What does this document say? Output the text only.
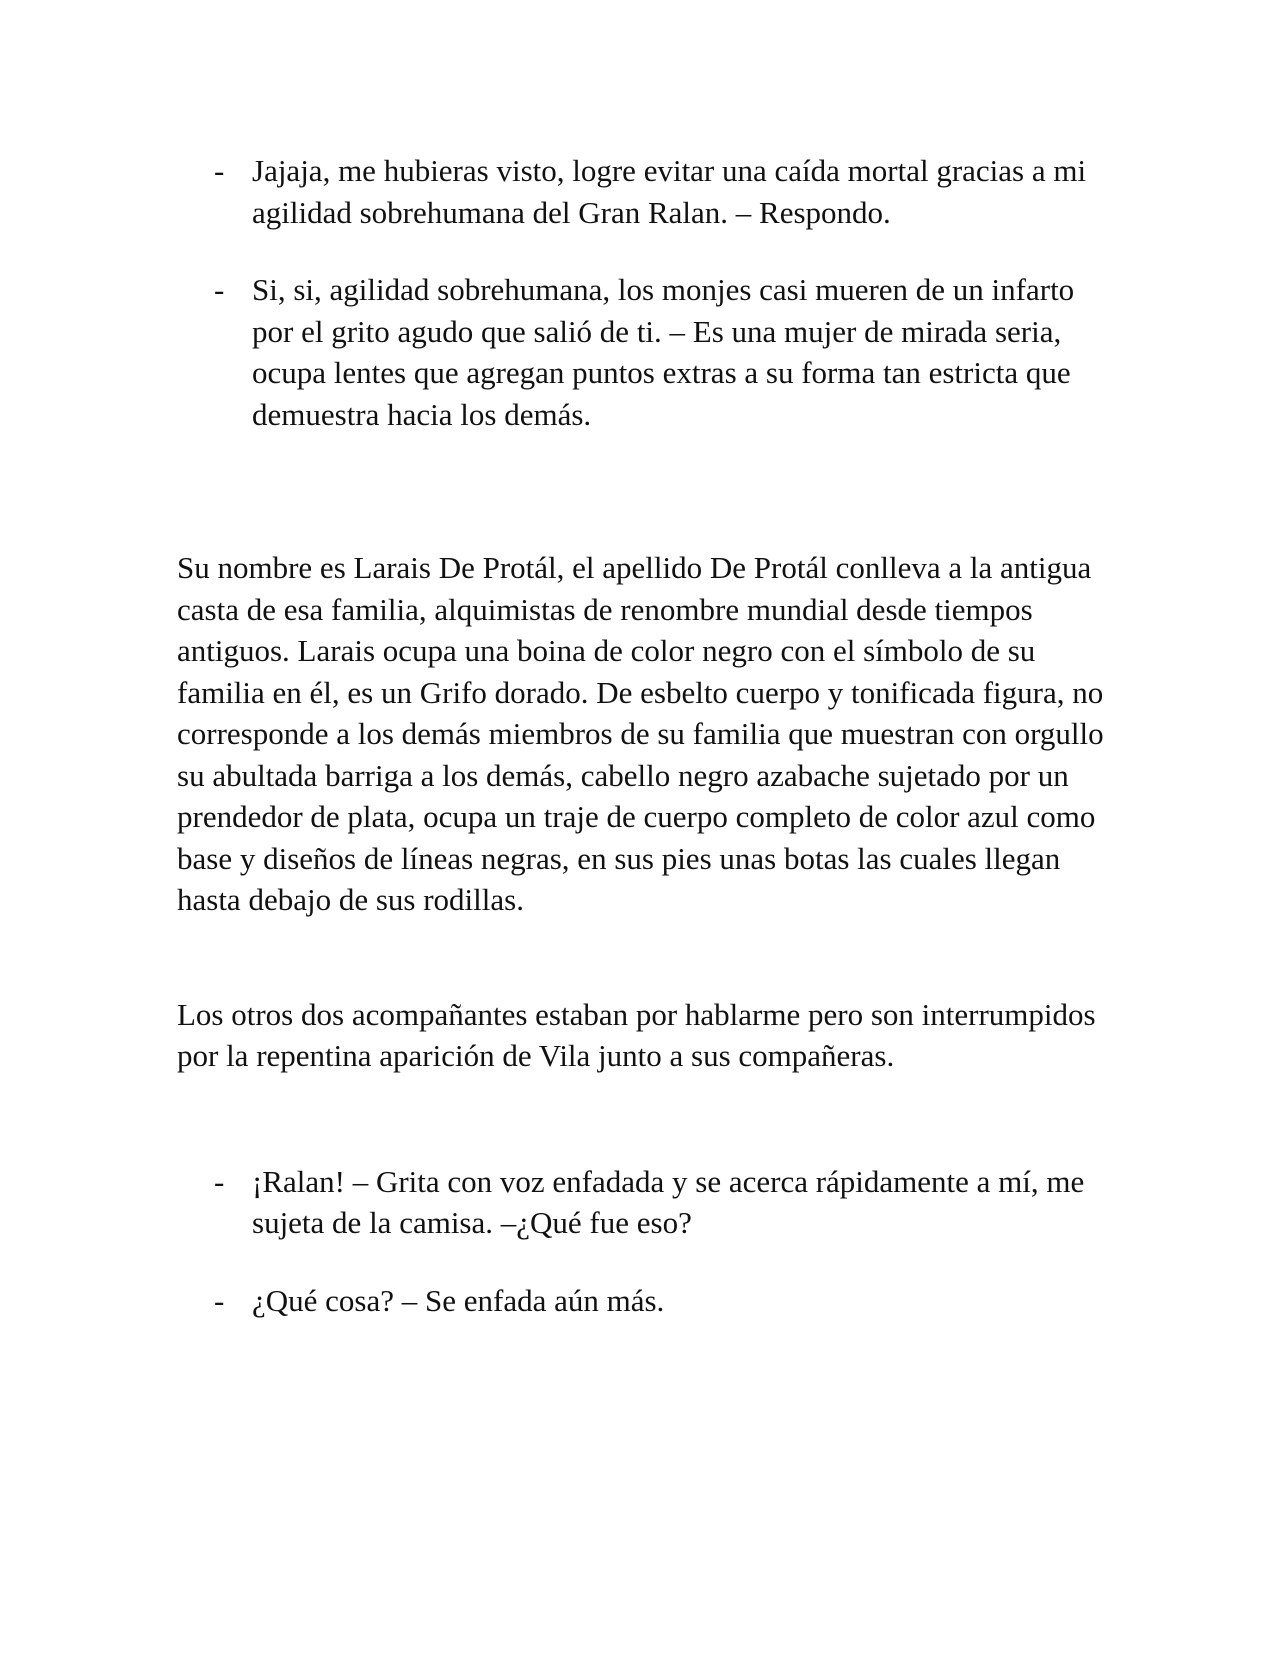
- Jajaja, me hubieras visto, logre evitar una caída mortal gracias a mi agilidad sobrehumana del Gran Ralan. – Respondo.
- Si, si, agilidad sobrehumana, los monjes casi mueren de un infarto por el grito agudo que salió de ti. – Es una mujer de mirada seria, ocupa lentes que agregan puntos extras a su forma tan estricta que demuestra hacia los demás.

Su nombre es Larais De Protál, el apellido De Protál conlleva a la antigua casta de esa familia, alquimistas de renombre mundial desde tiempos antiguos. Larais ocupa una boina de color negro con el símbolo de su familia en él, es un Grifo dorado. De esbelto cuerpo y tonificada figura, no corresponde a los demás miembros de su familia que muestran con orgullo su abultada barriga a los demás, cabello negro azabache sujetado por un prendedor de plata, ocupa un traje de cuerpo completo de color azul como base y diseños de líneas negras, en sus pies unas botas las cuales llegan hasta debajo de sus rodillas.

Los otros dos acompañantes estaban por hablarme pero son interrumpidos por la repentina aparición de Vila junto a sus compañeras.

- ¡Ralan! – Grita con voz enfadada y se acerca rápidamente a mí, me sujeta de la camisa. –¿Qué fue eso?
- ¿Qué cosa? – Se enfada aún más.
